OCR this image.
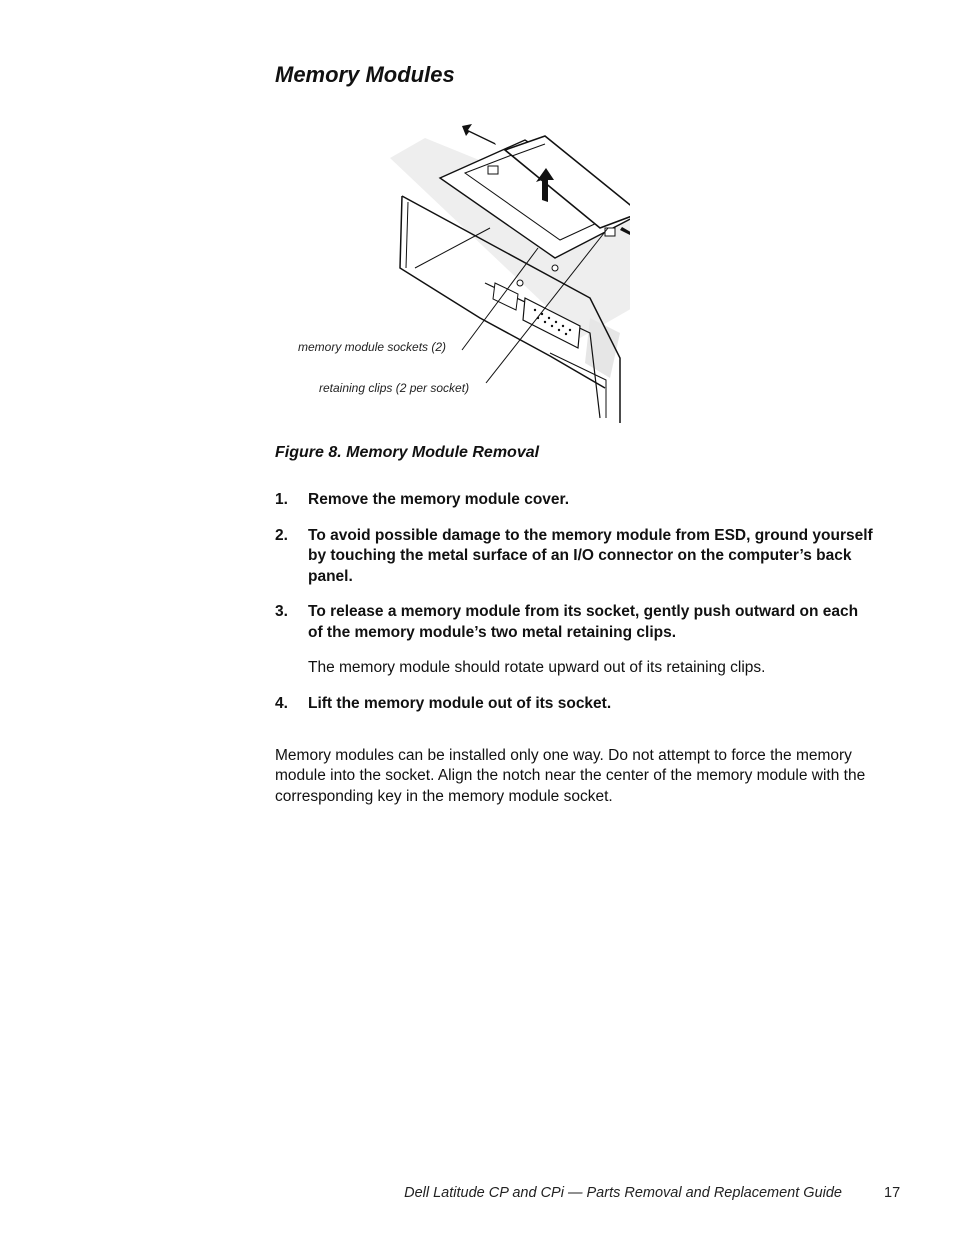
Memory Modules
memory module sockets (2)
retaining clips (2 per socket)
Figure 8. Memory Module Removal
1. Remove the memory module cover.
2. To avoid possible damage to the memory module from ESD, ground yourself by touching the metal surface of an I/O connector on the computer’s back panel.
3. To release a memory module from its socket, gently push outward on each of the memory module’s two metal retaining clips.
The memory module should rotate upward out of its retaining clips.
4. Lift the memory module out of its socket.

Memory modules can be installed only one way. Do not attempt to force the memory module into the socket. Align the notch near the center of the memory module with the corresponding key in the memory module socket.

Dell Latitude CP and CPi — Parts Removal and Replacement Guide	17
